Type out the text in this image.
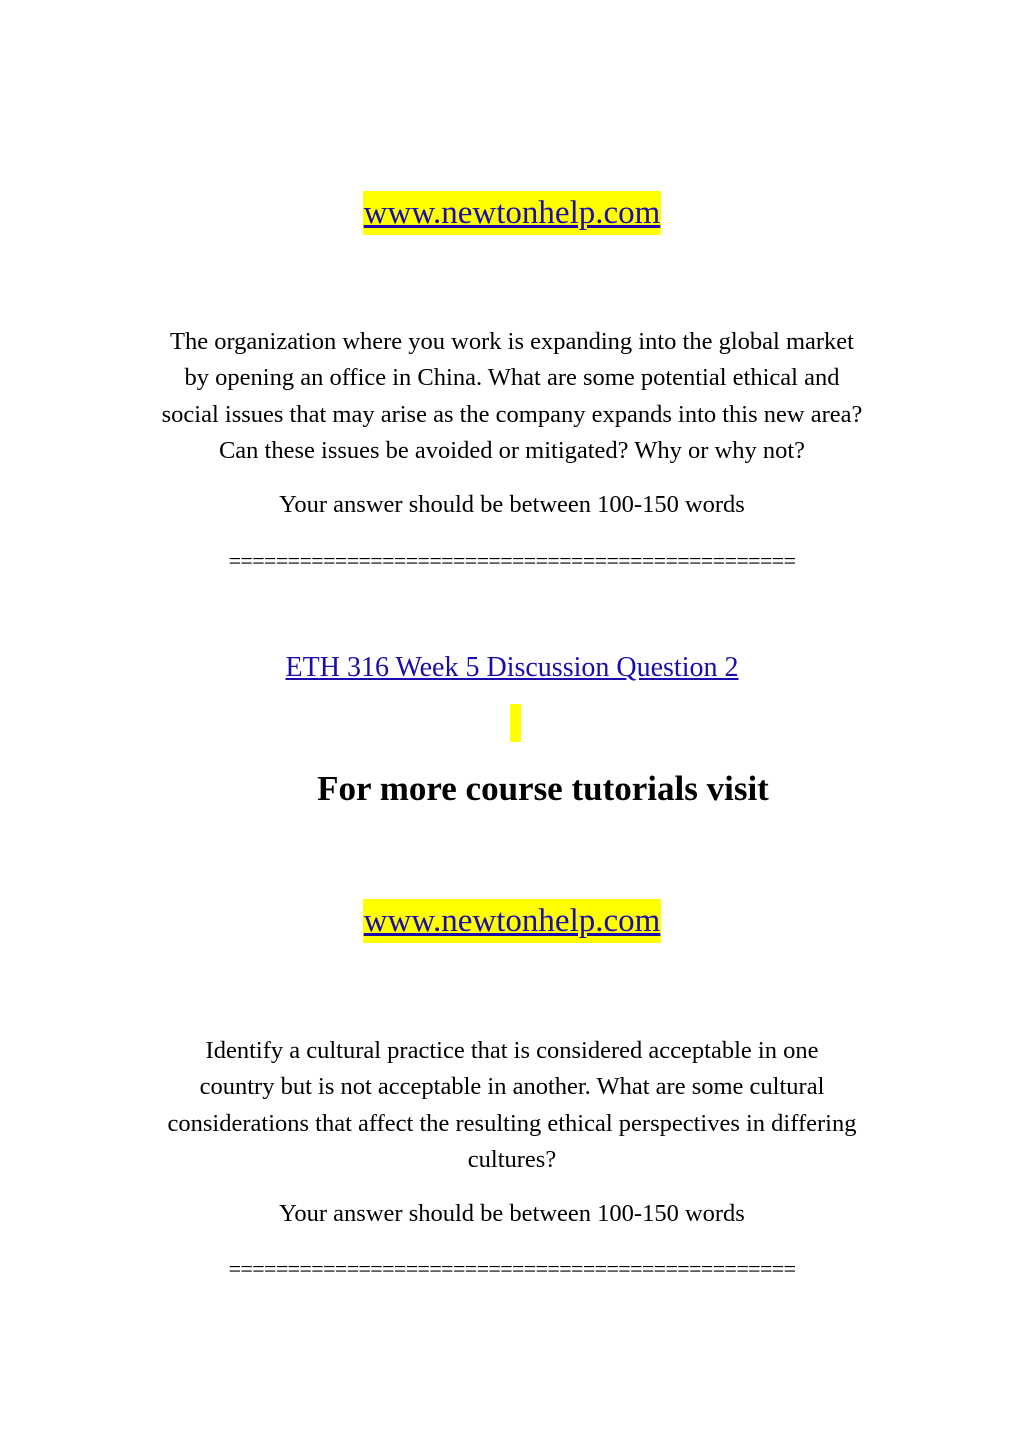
www.newtonhelp.com
The organization where you work is expanding into the global market
by opening an office in China. What are some potential ethical and
social issues that may arise as the company expands into this new area?
Can these issues be avoided or mitigated? Why or why not?
Your answer should be between 100-150 words
================================================
ETH 316 Week 5 Discussion Question 2
For more course tutorials visit
www.newtonhelp.com
Identify a cultural practice that is considered acceptable in one
country but is not acceptable in another. What are some cultural
considerations that affect the resulting ethical perspectives in differing
cultures?
Your answer should be between 100-150 words
================================================
